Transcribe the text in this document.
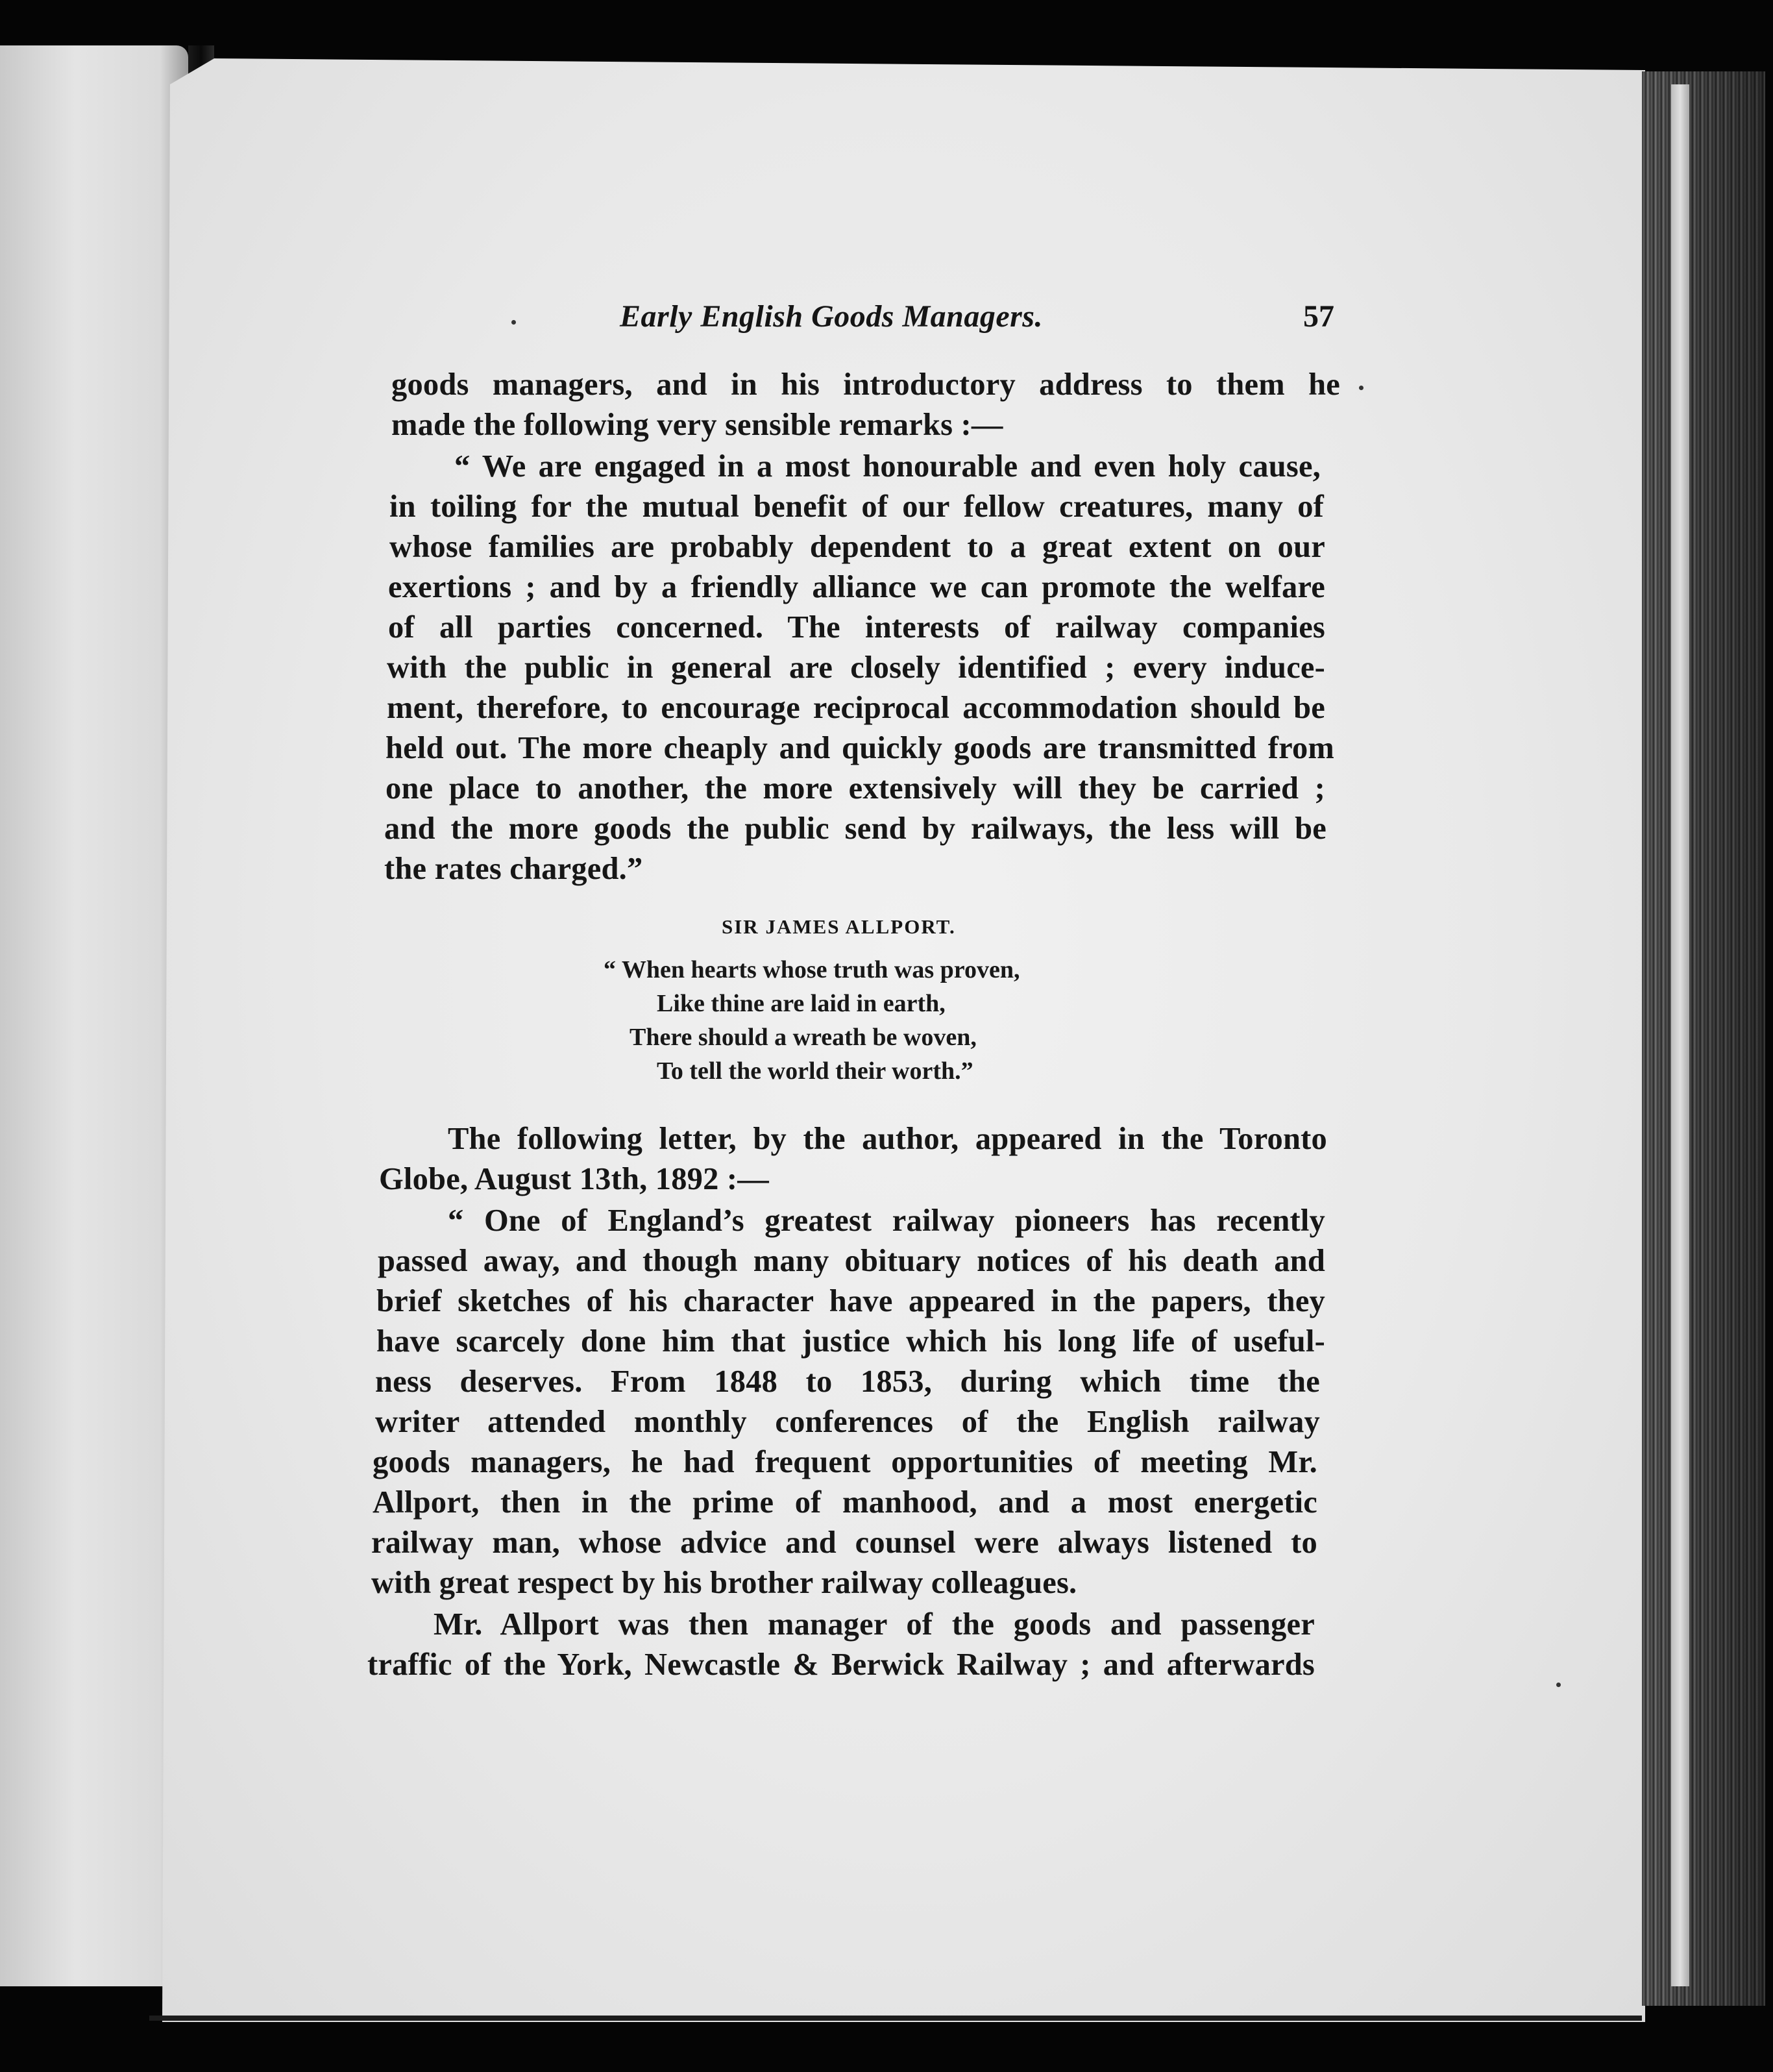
Early English Goods Managers.	57
goods managers, and in his introductory address to them he
made the following very sensible remarks :—
“ We are engaged in a most honourable and even holy cause,
in toiling for the mutual benefit of our fellow creatures, many of
whose families are probably dependent to a great extent on our
exertions ; and by a friendly alliance we can promote the welfare
of all parties concerned. The interests of railway companies
with the public in general are closely identified ; every induce-
ment, therefore, to encourage reciprocal accommodation should be
held out. The more cheaply and quickly goods are transmitted from
one place to another, the more extensively will they be carried ;
and the more goods the public send by railways, the less will be
the rates charged.”
SIR JAMES ALLPORT.
“ When hearts whose truth was proven,
Like thine are laid in earth,
There should a wreath be woven,
To tell the world their worth.”
The following letter, by the author, appeared in the Toronto
Globe, August 13th, 1892 :—
“ One of England’s greatest railway pioneers has recently
passed away, and though many obituary notices of his death and
brief sketches of his character have appeared in the papers, they
have scarcely done him that justice which his long life of useful-
ness deserves. From 1848 to 1853, during which time the
writer attended monthly conferences of the English railway
goods managers, he had frequent opportunities of meeting Mr.
Allport, then in the prime of manhood, and a most energetic
railway man, whose advice and counsel were always listened to
with great respect by his brother railway colleagues.
Mr. Allport was then manager of the goods and passenger
traffic of the York, Newcastle & Berwick Railway ; and afterwards
